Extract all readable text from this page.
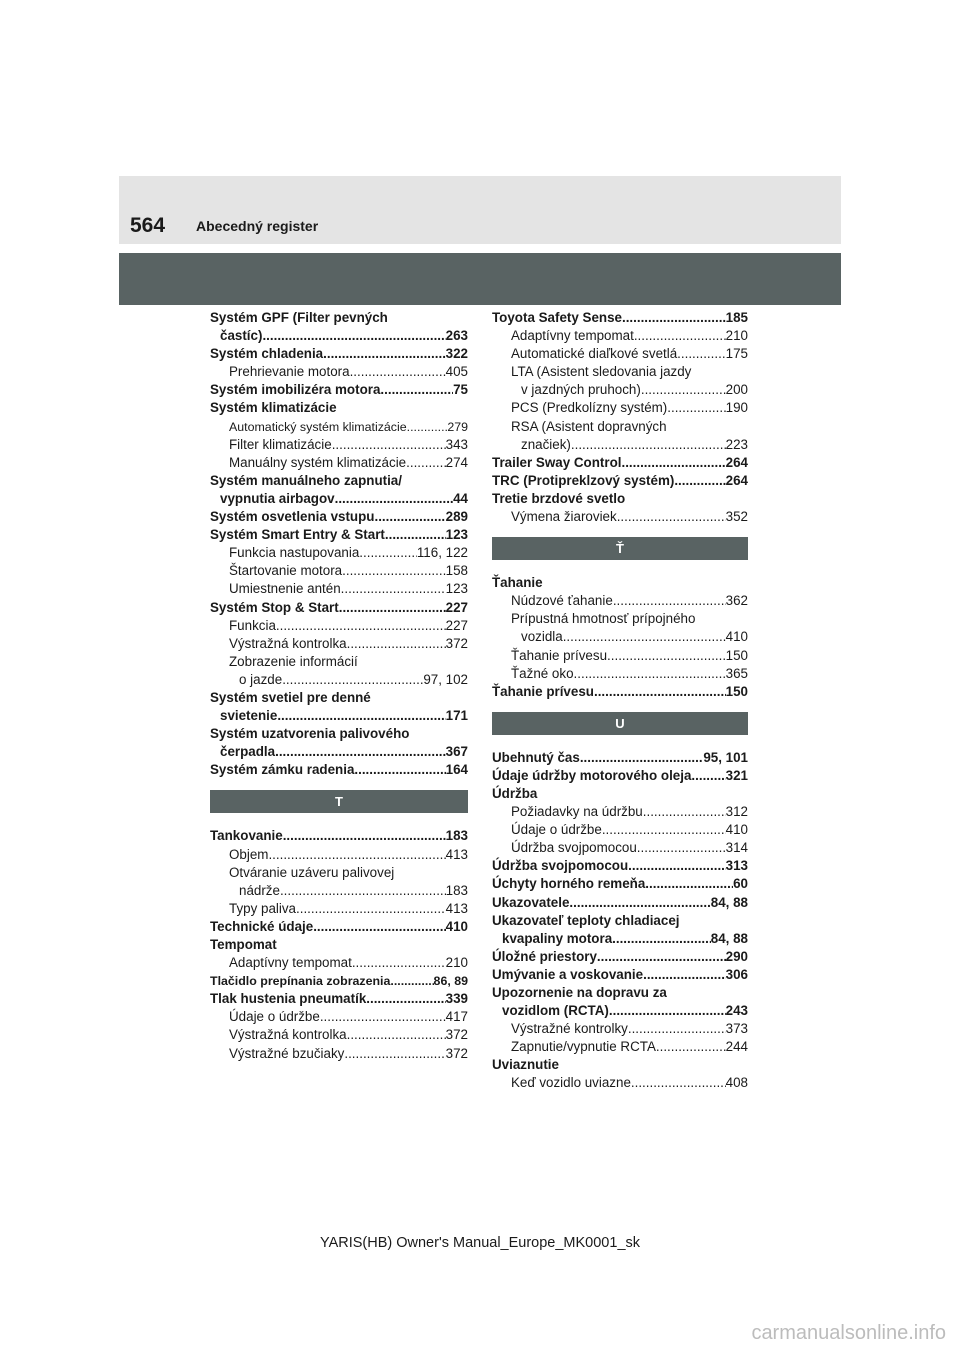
564 Abecedný register
Systém GPF (Filter pevných
častíc) .....	263
Systém chladenia .....	322
Prehrievanie motora .....	405
Systém imobilizéra motora .....	75
Systém klimatizácie
Automatický systém klimatizácie .....	279
Filter klimatizácie .....	343
Manuálny systém klimatizácie .....	274
Systém manuálneho zapnutia/
vypnutia airbagov .....	44
Systém osvetlenia vstupu .....	289
Systém Smart Entry & Start .....	123
Funkcia nastupovania .....	116, 122
Štartovanie motora .....	158
Umiestnenie antén .....	123
Systém Stop & Start .....	227
Funkcia .....	227
Výstražná kontrolka .....	372
Zobrazenie informácií
o jazde .....	97, 102
Systém svetiel pre denné
svietenie .....	171
Systém uzatvorenia palivového
čerpadla .....	367
Systém zámku radenia .....	164
T
Tankovanie .....	183
Objem .....	413
Otváranie uzáveru palivovej
nádrže .....	183
Typy paliva .....	413
Technické údaje .....	410
Tempomat
Adaptívny tempomat .....	210
Tlačidlo prepínania zobrazenia .....	86, 89
Tlak hustenia pneumatík .....	339
Údaje o údržbe .....	417
Výstražná kontrolka .....	372
Výstražné bzučiaky .....	372
Toyota Safety Sense .....	185
Adaptívny tempomat .....	210
Automatické diaľkové svetlá .....	175
LTA (Asistent sledovania jazdy
v jazdných pruhoch) .....	200
PCS (Predkolízny systém) .....	190
RSA (Asistent dopravných
značiek) .....	223
Trailer Sway Control .....	264
TRC (Protipreklzový systém) .....	264
Tretie brzdové svetlo
Výmena žiaroviek .....	352
Ť
Ťahanie
Núdzové ťahanie .....	362
Prípustná hmotnosť prípojného
vozidla .....	410
Ťahanie prívesu .....	150
Ťažné oko .....	365
Ťahanie prívesu .....	150
U
Ubehnutý čas .....	95, 101
Údaje údržby motorového oleja .....	321
Údržba
Požiadavky na údržbu .....	312
Údaje o údržbe .....	410
Údržba svojpomocou .....	314
Údržba svojpomocou .....	313
Úchyty horného remeňa .....	60
Ukazovatele .....	84, 88
Ukazovateľ teploty chladiacej
kvapaliny motora .....	84, 88
Úložné priestory .....	290
Umývanie a voskovanie .....	306
Upozornenie na dopravu za
vozidlom (RCTA) .....	243
Výstražné kontrolky .....	373
Zapnutie/vypnutie RCTA .....	244
Uviaznutie
Keď vozidlo uviazne .....	408
YARIS(HB) Owner's Manual_Europe_MK0001_sk
carmanualsonline.info
